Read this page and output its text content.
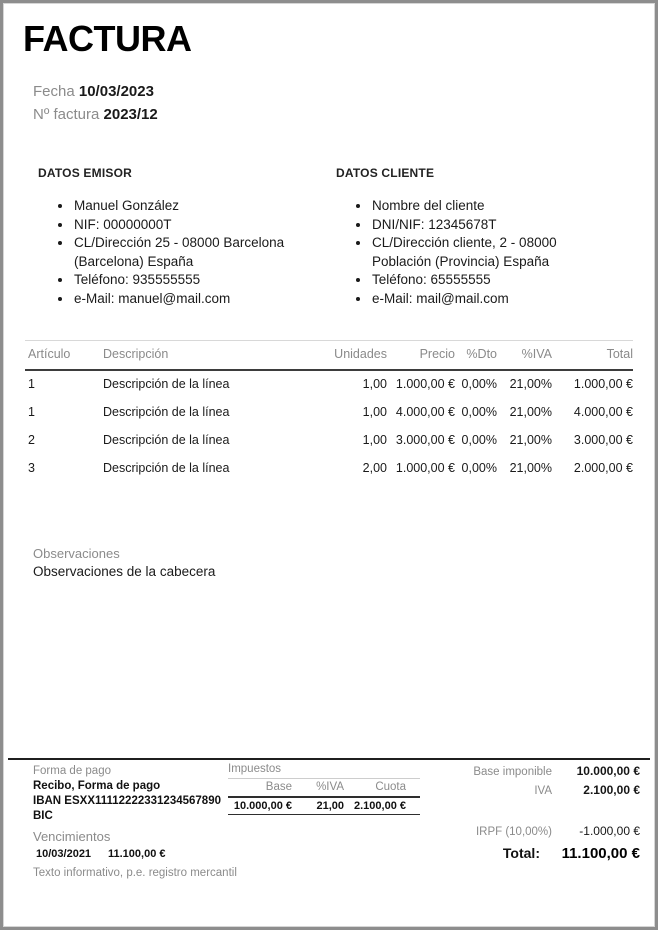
FACTURA
Fecha 10/03/2023
Nº factura 2023/12
DATOS EMISOR
• Manuel González
• NIF: 00000000T
• CL/Dirección 25 - 08000 Barcelona (Barcelona) España
• Teléfono: 935555555
• e-Mail: manuel@mail.com
DATOS CLIENTE
• Nombre del cliente
• DNI/NIF: 12345678T
• CL/Dirección cliente, 2 - 08000 Población (Provincia) España
• Teléfono: 65555555
• e-Mail: mail@mail.com
Artículo	Descripción	Unidades	Precio	%Dto	%IVA	Total
1	Descripción de la línea	1,00	1.000,00 €	0,00%	21,00%	1.000,00 €
1	Descripción de la línea	1,00	4.000,00 €	0,00%	21,00%	4.000,00 €
2	Descripción de la línea	1,00	3.000,00 €	0,00%	21,00%	3.000,00 €
3	Descripción de la línea	2,00	1.000,00 €	0,00%	21,00%	2.000,00 €
Observaciones
Observaciones de la cabecera
Forma de pago
Recibo, Forma de pago
IBAN ESXX11112222331234567890
BIC
Impuestos
Base	%IVA	Cuota
10.000,00 €	21,00	2.100,00 €
Base imponible	10.000,00 €
IVA	2.100,00 €
IRPF (10,00%)	-1.000,00 €
Total:	11.100,00 €
Vencimientos
10/03/2021	11.100,00 €
Texto informativo, p.e. registro mercantil
